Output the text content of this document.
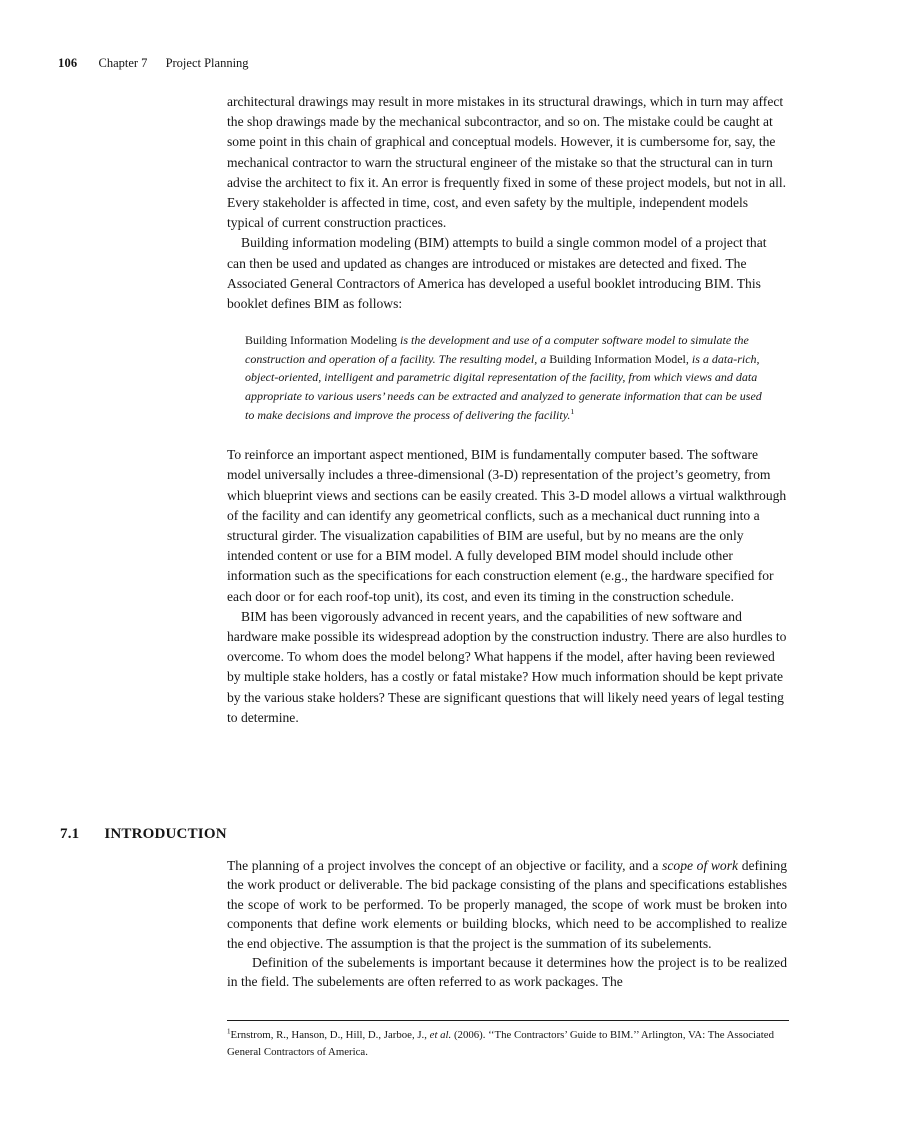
106 Chapter 7 Project Planning

architectural drawings may result in more mistakes in its structural drawings, which in turn may affect the shop drawings made by the mechanical subcontractor, and so on. The mistake could be caught at some point in this chain of graphical and conceptual models. However, it is cumbersome for, say, the mechanical contractor to warn the structural engineer of the mistake so that the structural can in turn advise the architect to fix it. An error is frequently fixed in some of these project models, but not in all. Every stakeholder is affected in time, cost, and even safety by the multiple, independent models typical of current construction practices.

Building information modeling (BIM) attempts to build a single common model of a project that can then be used and updated as changes are introduced or mistakes are detected and fixed. The Associated General Contractors of America has developed a useful booklet introducing BIM. This booklet defines BIM as follows:

Building Information Modeling is the development and use of a computer software model to simulate the construction and operation of a facility. The resulting model, a Building Information Model, is a data-rich, object-oriented, intelligent and parametric digital representation of the facility, from which views and data appropriate to various users’ needs can be extracted and analyzed to generate information that can be used to make decisions and improve the process of delivering the facility.$^1$

To reinforce an important aspect mentioned, BIM is fundamentally computer based. The software model universally includes a three-dimensional (3-D) representation of the project’s geometry, from which blueprint views and sections can be easily created. This 3-D model allows a virtual walkthrough of the facility and can identify any geometrical conflicts, such as a mechanical duct running into a structural girder. The visualization capabilities of BIM are useful, but by no means are the only intended content or use for a BIM model. A fully developed BIM model should include other information such as the specifications for each construction element (e.g., the hardware specified for each door or for each roof-top unit), its cost, and even its timing in the construction schedule.

BIM has been vigorously advanced in recent years, and the capabilities of new software and hardware make possible its widespread adoption by the construction industry. There are also hurdles to overcome. To whom does the model belong? What happens if the model, after having been reviewed by multiple stake holders, has a costly or fatal mistake? How much information should be kept private by the various stake holders? These are significant questions that will likely need years of legal testing to determine.

7.1 INTRODUCTION

The planning of a project involves the concept of an objective or facility, and a scope of work defining the work product or deliverable. The bid package consisting of the plans and specifications establishes the scope of work to be performed. To be properly managed, the scope of work must be broken into components that define work elements or building blocks, which need to be accomplished to realize the end objective. The assumption is that the project is the summation of its subelements.

Definition of the subelements is important because it determines how the project is to be realized in the field. The subelements are often referred to as work packages. The

$^1$Ernstrom, R., Hanson, D., Hill, D., Jarboe, J., et al. (2006). ‘‘The Contractors’ Guide to BIM.’’ Arlington, VA: The Associated General Contractors of America.
